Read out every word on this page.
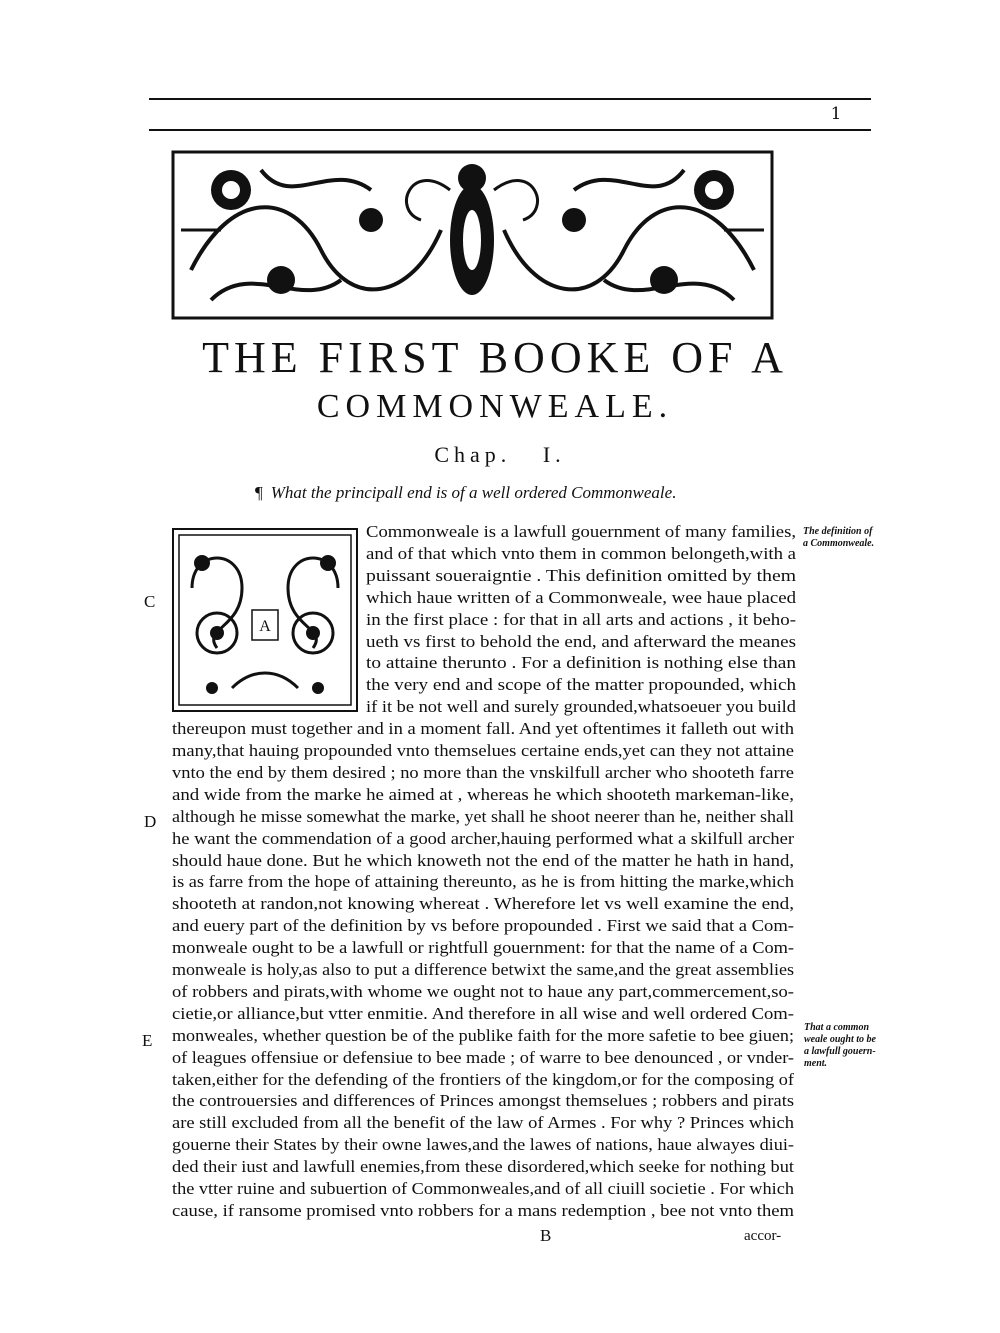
1
THE FIRST BOOKE OF A
COMMONWEALE.
Chap. I.
¶ What the principall end is of a well ordered Commonweale.
A
Commonweale is a lawfull gouernment of many families,
and of that which vnto them in common belongeth,with a
puissant soueraigntie . This definition omitted by them
which haue written of a Commonweale, wee haue placed
in the first place : for that in all arts and actions , it beho-
ueth vs first to behold the end, and afterward the meanes
to attaine therunto . For a definition is nothing else than
the very end and scope of the matter propounded, which
if it be not well and surely grounded,whatsoeuer you build
thereupon must together and in a moment fall. And yet oftentimes it falleth out with
many,that hauing propounded vnto themselues certaine ends,yet can they not attaine
vnto the end by them desired ; no more than the vnskilfull archer who shooteth farre
and wide from the marke he aimed at , whereas he which shooteth markeman-like,
although he misse somewhat the marke, yet shall he shoot neerer than he, neither shall
he want the commendation of a good archer,hauing performed what a skilfull archer
should haue done. But he which knoweth not the end of the matter he hath in hand,
is as farre from the hope of attaining thereunto, as he is from hitting the marke,which
shooteth at randon,not knowing whereat . Wherefore let vs well examine the end,
and euery part of the definition by vs before propounded . First we said that a Com-
monweale ought to be a lawfull or rightfull gouernment: for that the name of a Com-
monweale is holy,as also to put a difference betwixt the same,and the great assemblies
of robbers and pirats,with whome we ought not to haue any part,commercement,so-
cietie,or alliance,but vtter enmitie. And therefore in all wise and well ordered Com-
monweales, whether question be of the publike faith for the more safetie to bee giuen;
of leagues offensiue or defensiue to bee made ; of warre to bee denounced , or vnder-
taken,either for the defending of the frontiers of the kingdom,or for the composing of
the controuersies and differences of Princes amongst themselues ; robbers and pirats
are still excluded from all the benefit of the law of Armes . For why ? Princes which
gouerne their States by their owne lawes,and the lawes of nations, haue alwayes diui-
ded their iust and lawfull enemies,from these disordered,which seeke for nothing but
the vtter ruine and subuertion of Commonweales,and of all ciuill societie . For which
cause, if ransome promised vnto robbers for a mans redemption , bee not vnto them
C
D
E
The definition of
a Commonweale.
That a common
weale ought to be
a lawfull gouern-
ment.
B	accor-
